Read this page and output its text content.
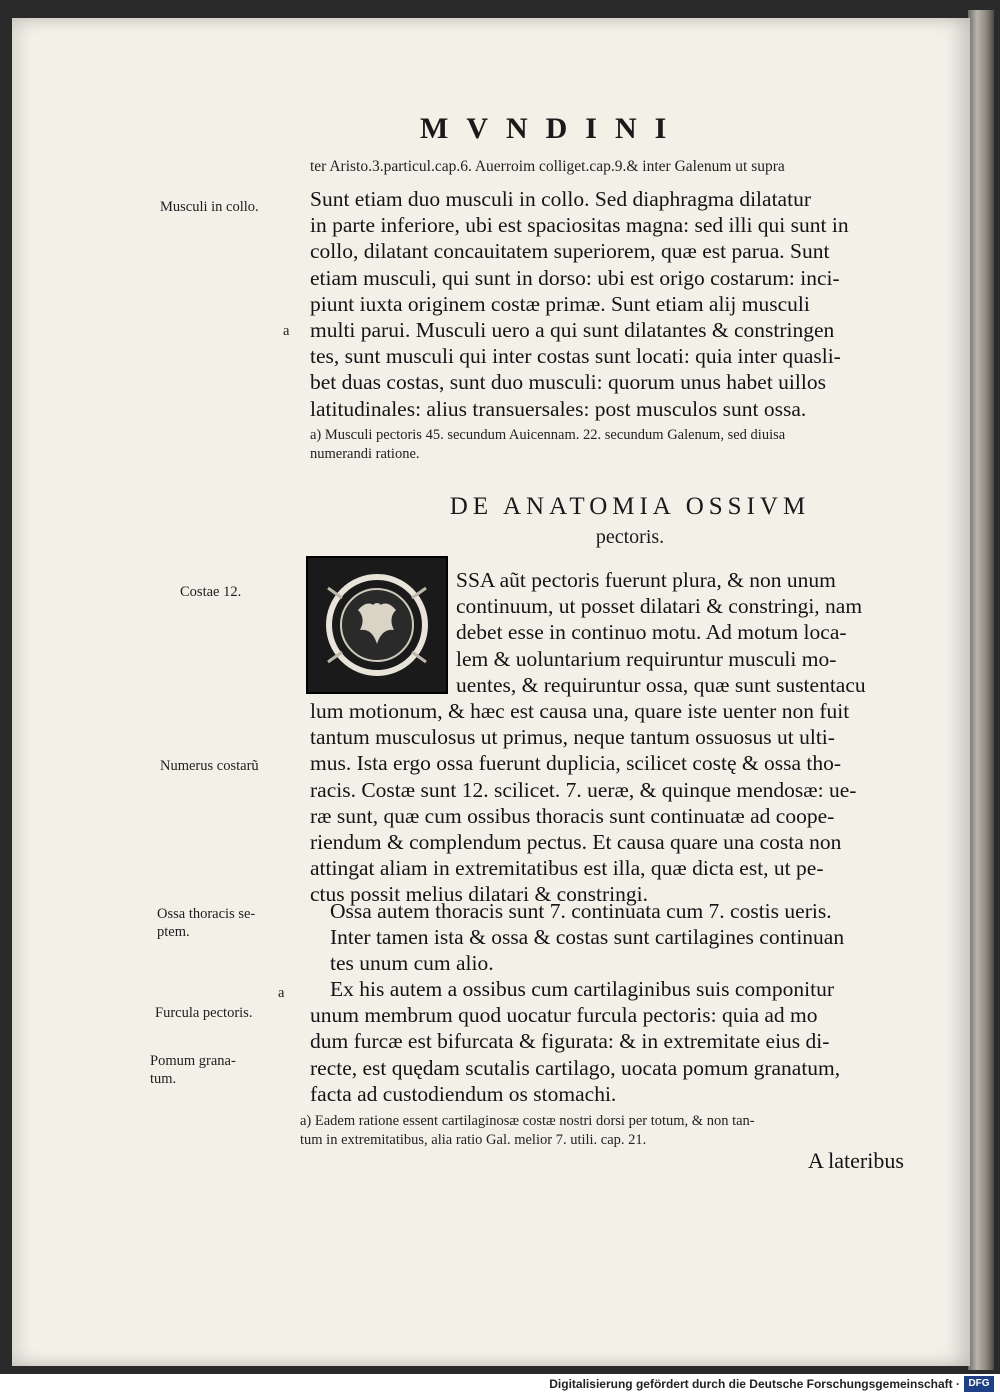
MVNDINI
ter Aristo.3.particul.cap.6. Auerroim colliget.cap.9.& inter Galenum ut supra
Musculi in collo.
a
Costae 12.
Numerus costarũ
Ossa thoracis se-
ptem.
a
Furcula pectoris.
Pomum grana-
tum.
Sunt etiam duo musculi in collo. Sed diaphragma dilatatur
in parte inferiore, ubi est spaciositas magna: sed illi qui sunt in
collo, dilatant concauitatem superiorem, quæ est parua. Sunt
etiam musculi, qui sunt in dorso: ubi est origo costarum: inci-
piunt iuxta originem costæ primæ. Sunt etiam alij musculi
multi parui. Musculi uero a qui sunt dilatantes & constringen
tes, sunt musculi qui inter costas sunt locati: quia inter quasli-
bet duas costas, sunt duo musculi: quorum unus habet uillos
latitudinales: alius transuersales: post musculos sunt ossa.
a) Musculi pectoris 45. secundum Auicennam. 22. secundum Galenum, sed diuisa
numerandi ratione.
DE ANATOMIA OSSIVM
pectoris.
SSA aũt pectoris fuerunt plura, & non unum
continuum, ut posset dilatari & constringi, nam
debet esse in continuo motu. Ad motum loca-
lem & uoluntarium requiruntur musculi mo-
uentes, & requiruntur ossa, quæ sunt sustentacu
lum motionum, & hæc est causa una, quare iste uenter non fuit
tantum musculosus ut primus, neque tantum ossuosus ut ulti-
mus. Ista ergo ossa fuerunt duplicia, scilicet costę & ossa tho-
racis. Costæ sunt 12. scilicet. 7. ueræ, & quinque mendosæ: ue-
ræ sunt, quæ cum ossibus thoracis sunt continuatæ ad coope-
riendum & complendum pectus. Et causa quare una costa non
attingat aliam in extremitatibus est illa, quæ dicta est, ut pe-
ctus possit melius dilatari & constringi.
Ossa autem thoracis sunt 7. continuata cum 7. costis ueris.
Inter tamen ista & ossa & costas sunt cartilagines continuan
tes unum cum alio.
Ex his autem a ossibus cum cartilaginibus suis componitur
unum membrum quod uocatur furcula pectoris: quia ad mo
dum furcæ est bifurcata & figurata: & in extremitate eius di-
recte, est quędam scutalis cartilago, uocata pomum granatum,
facta ad custodiendum os stomachi.
a) Eadem ratione essent cartilaginosæ costæ nostri dorsi per totum, & non tan-
tum in extremitatibus, alia ratio Gal. melior 7. utili. cap. 21.
A lateribus
Digitalisierung gefördert durch die Deutsche Forschungsgemeinschaft · DFG
